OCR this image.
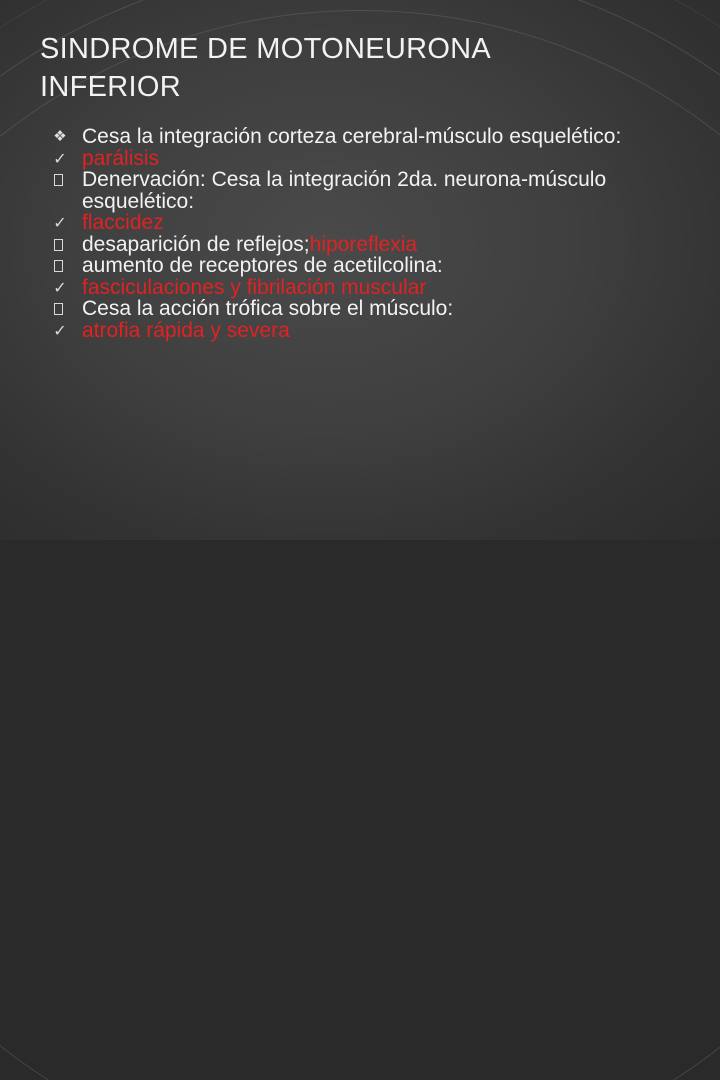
SINDROME DE MOTONEURONA
INFERIOR
❖ Cesa la integración corteza cerebral-músculo esquelético:
✓ parálisis
Denervación: Cesa la integración 2da. neurona-músculo esquelético:
✓ flaccidez
desaparición de reflejos;hiporeflexia
aumento de receptores de acetilcolina:
✓ fasciculaciones y fibrilación muscular
Cesa la acción trófica sobre el músculo:
✓ atrofia rápida y severa
